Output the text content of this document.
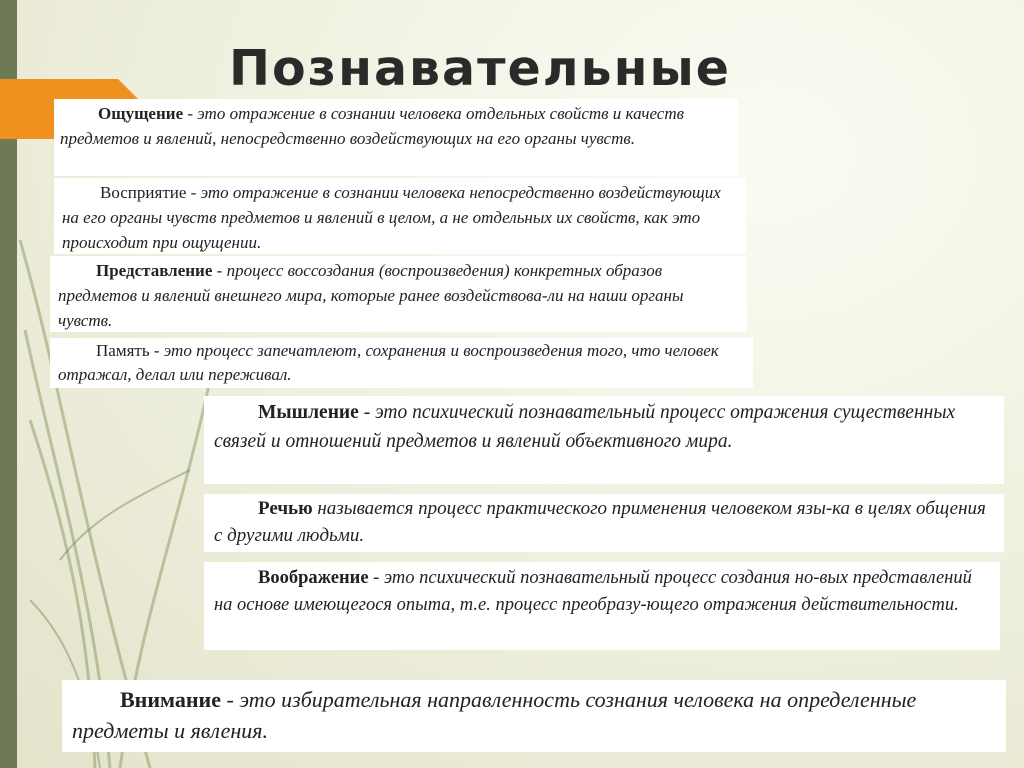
Познавательные
Ощущение - это отражение в сознании человека отдельных свойств и качеств предметов и явлений, непосредственно воздействующих на его органы чувств.
Восприятие - это отражение в сознании человека непосредственно воздействующих на его органы чувств предметов и явлений в целом, а не отдельных их свойств, как это происходит при ощущении.
Представление - процесс воссоздания (воспроизведения) конкретных образов предметов и явлений внешнего мира, которые ранее воздействова-ли на наши органы чувств.
Память - это процесс запечатлеют, сохранения и воспроизведения того, что человек отражал, делал или переживал.
Мышление - это психический познавательный процесс отражения существенных связей и отношений предметов и явлений объективного мира.
Речью называется процесс практического применения человеком язы-ка в целях общения с другими людьми.
Воображение - это психический познавательный процесс создания но-вых представлений на основе имеющегося опыта, т.е. процесс преобразу-ющего отражения действительности.
Внимание - это избирательная направленность сознания человека на определенные предметы и явления.
